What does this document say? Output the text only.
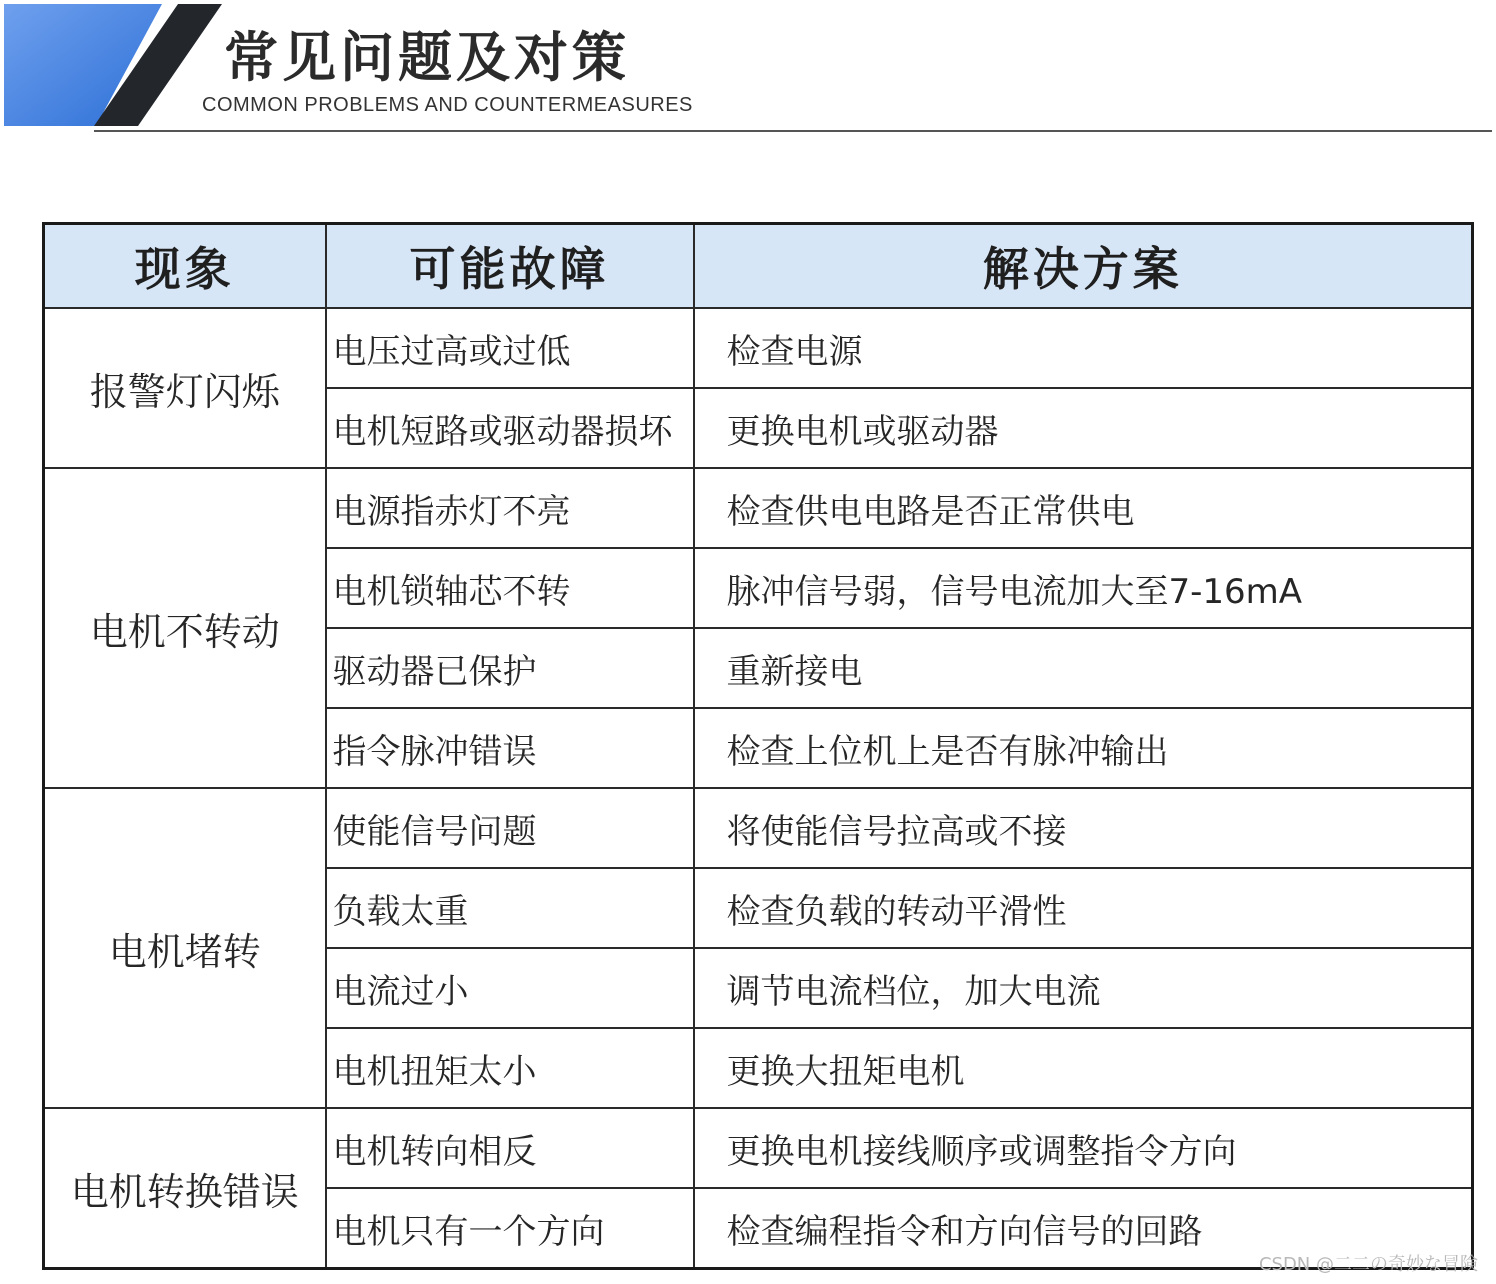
常见问题及对策
COMMON PROBLEMS AND COUNTERMEASURES
现象	可能故障	解决方案
报警灯闪烁	电压过高或过低	检查电源
	电机短路或驱动器损坏	更换电机或驱动器
电机不转动	电源指赤灯不亮	检查供电电路是否正常供电
	电机锁轴芯不转	脉冲信号弱，信号电流加大至7-16mA
	驱动器已保护	重新接电
	指令脉冲错误	检查上位机上是否有脉冲输出
电机堵转	使能信号问题	将使能信号拉高或不接
	负载太重	检查负载的转动平滑性
	电流过小	调节电流档位，加大电流
	电机扭矩太小	更换大扭矩电机
电机转换错误	电机转向相反	更换电机接线顺序或调整指令方向
	电机只有一个方向	检查编程指令和方向信号的回路
CSDN @二二の奇妙な冒険
